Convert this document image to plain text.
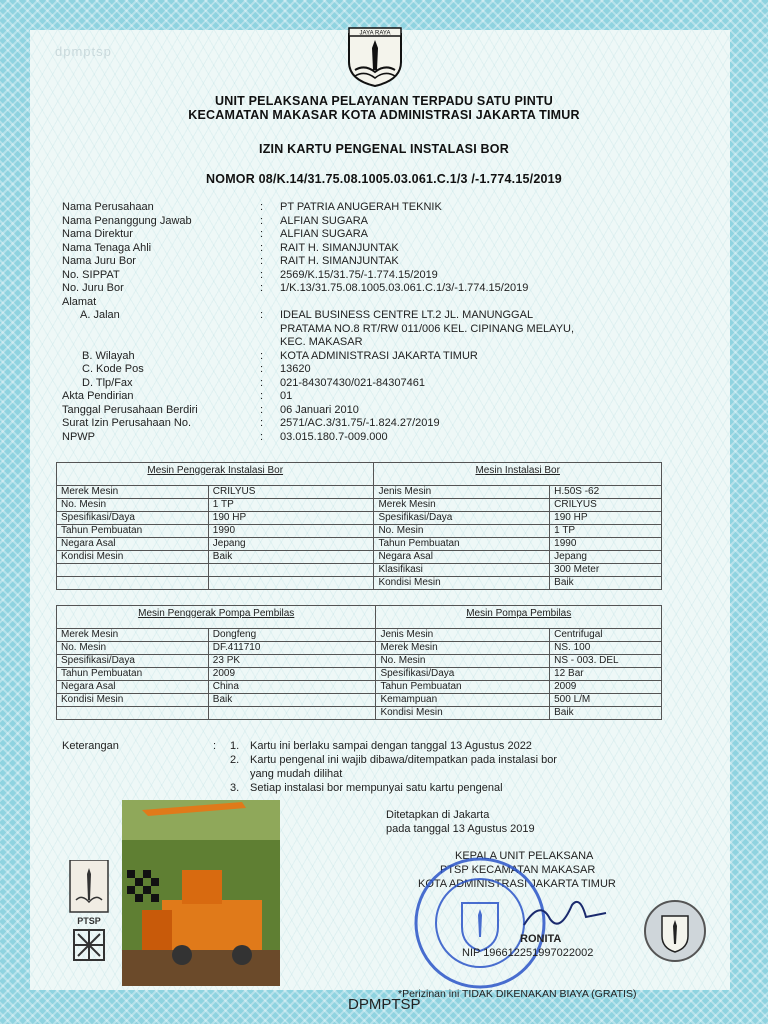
dpmptsp
JAYA RAYA
UNIT PELAKSANA PELAYANAN TERPADU SATU PINTU
KECAMATAN MAKASAR KOTA ADMINISTRASI JAKARTA TIMUR
IZIN KARTU PENGENAL INSTALASI BOR
NOMOR 08/K.14/31.75.08.1005.03.061.C.1/3 /-1.774.15/2019
Nama Perusahaan	: PT PATRIA ANUGERAH TEKNIK
Nama Penanggung Jawab	: ALFIAN SUGARA
Nama Direktur	: ALFIAN SUGARA
Nama Tenaga Ahli	: RAIT H. SIMANJUNTAK
Nama Juru Bor	: RAIT H. SIMANJUNTAK
No. SIPPAT	: 2569/K.15/31.75/-1.774.15/2019
No. Juru Bor	: 1/K.13/31.75.08.1005.03.061.C.1/3/-1.774.15/2019
Alamat
A. Jalan	: IDEAL BUSINESS CENTRE LT.2 JL. MANUNGGAL
PRATAMA NO.8 RT/RW 011/006 KEL. CIPINANG MELAYU,
KEC. MAKASAR
B. Wilayah	: KOTA ADMINISTRASI JAKARTA TIMUR
C. Kode Pos	: 13620
D. Tlp/Fax	: 021-84307430/021-84307461
Akta Pendirian	: 01
Tanggal Perusahaan Berdiri	: 06 Januari 2010
Surat Izin Perusahaan No.	: 2571/AC.3/31.75/-1.824.27/2019
NPWP	: 03.015.180.7-009.000
Mesin Penggerak Instalasi Bor		Mesin Instalasi Bor	
Merek Mesin	CRILYUS	Jenis Mesin	H.50S -62
No. Mesin	1 TP	Merek Mesin	CRILYUS
Spesifikasi/Daya	190 HP	Spesifikasi/Daya	190 HP
Tahun Pembuatan	1990	No. Mesin	1 TP
Negara Asal	Jepang	Tahun Pembuatan	1990
Kondisi Mesin	Baik	Negara Asal	Jepang
		Klasifikasi	300 Meter
		Kondisi Mesin	Baik
Mesin Penggerak Pompa Pembilas		Mesin Pompa Pembilas	
Merek Mesin	Dongfeng	Jenis Mesin	Centrifugal
No. Mesin	DF.411710	Merek Mesin	NS. 100
Spesifikasi/Daya	23 PK	No. Mesin	NS - 003. DEL
Tahun Pembuatan	2009	Spesifikasi/Daya	12 Bar
Negara Asal	China	Tahun Pembuatan	2009
Kondisi Mesin	Baik	Kemampuan	500 L/M
		Kondisi Mesin	Baik
Keterangan	: 1. Kartu ini berlaku sampai dengan tanggal 13 Agustus 2022
2. Kartu pengenal ini wajib dibawa/ditempatkan pada instalasi bor
yang mudah dilihat
3. Setiap instalasi bor mempunyai satu kartu pengenal
PTSP
Ditetapkan di Jakarta
pada tanggal 13 Agustus 2019
KEPALA UNIT PELAKSANA
PTSP KECAMATAN MAKASAR
KOTA ADMINISTRASI JAKARTA TIMUR
RONITA
NIP 196612251997022002
*Perizinan ini TIDAK DIKENAKAN BIAYA (GRATIS)
DPMPTSP
